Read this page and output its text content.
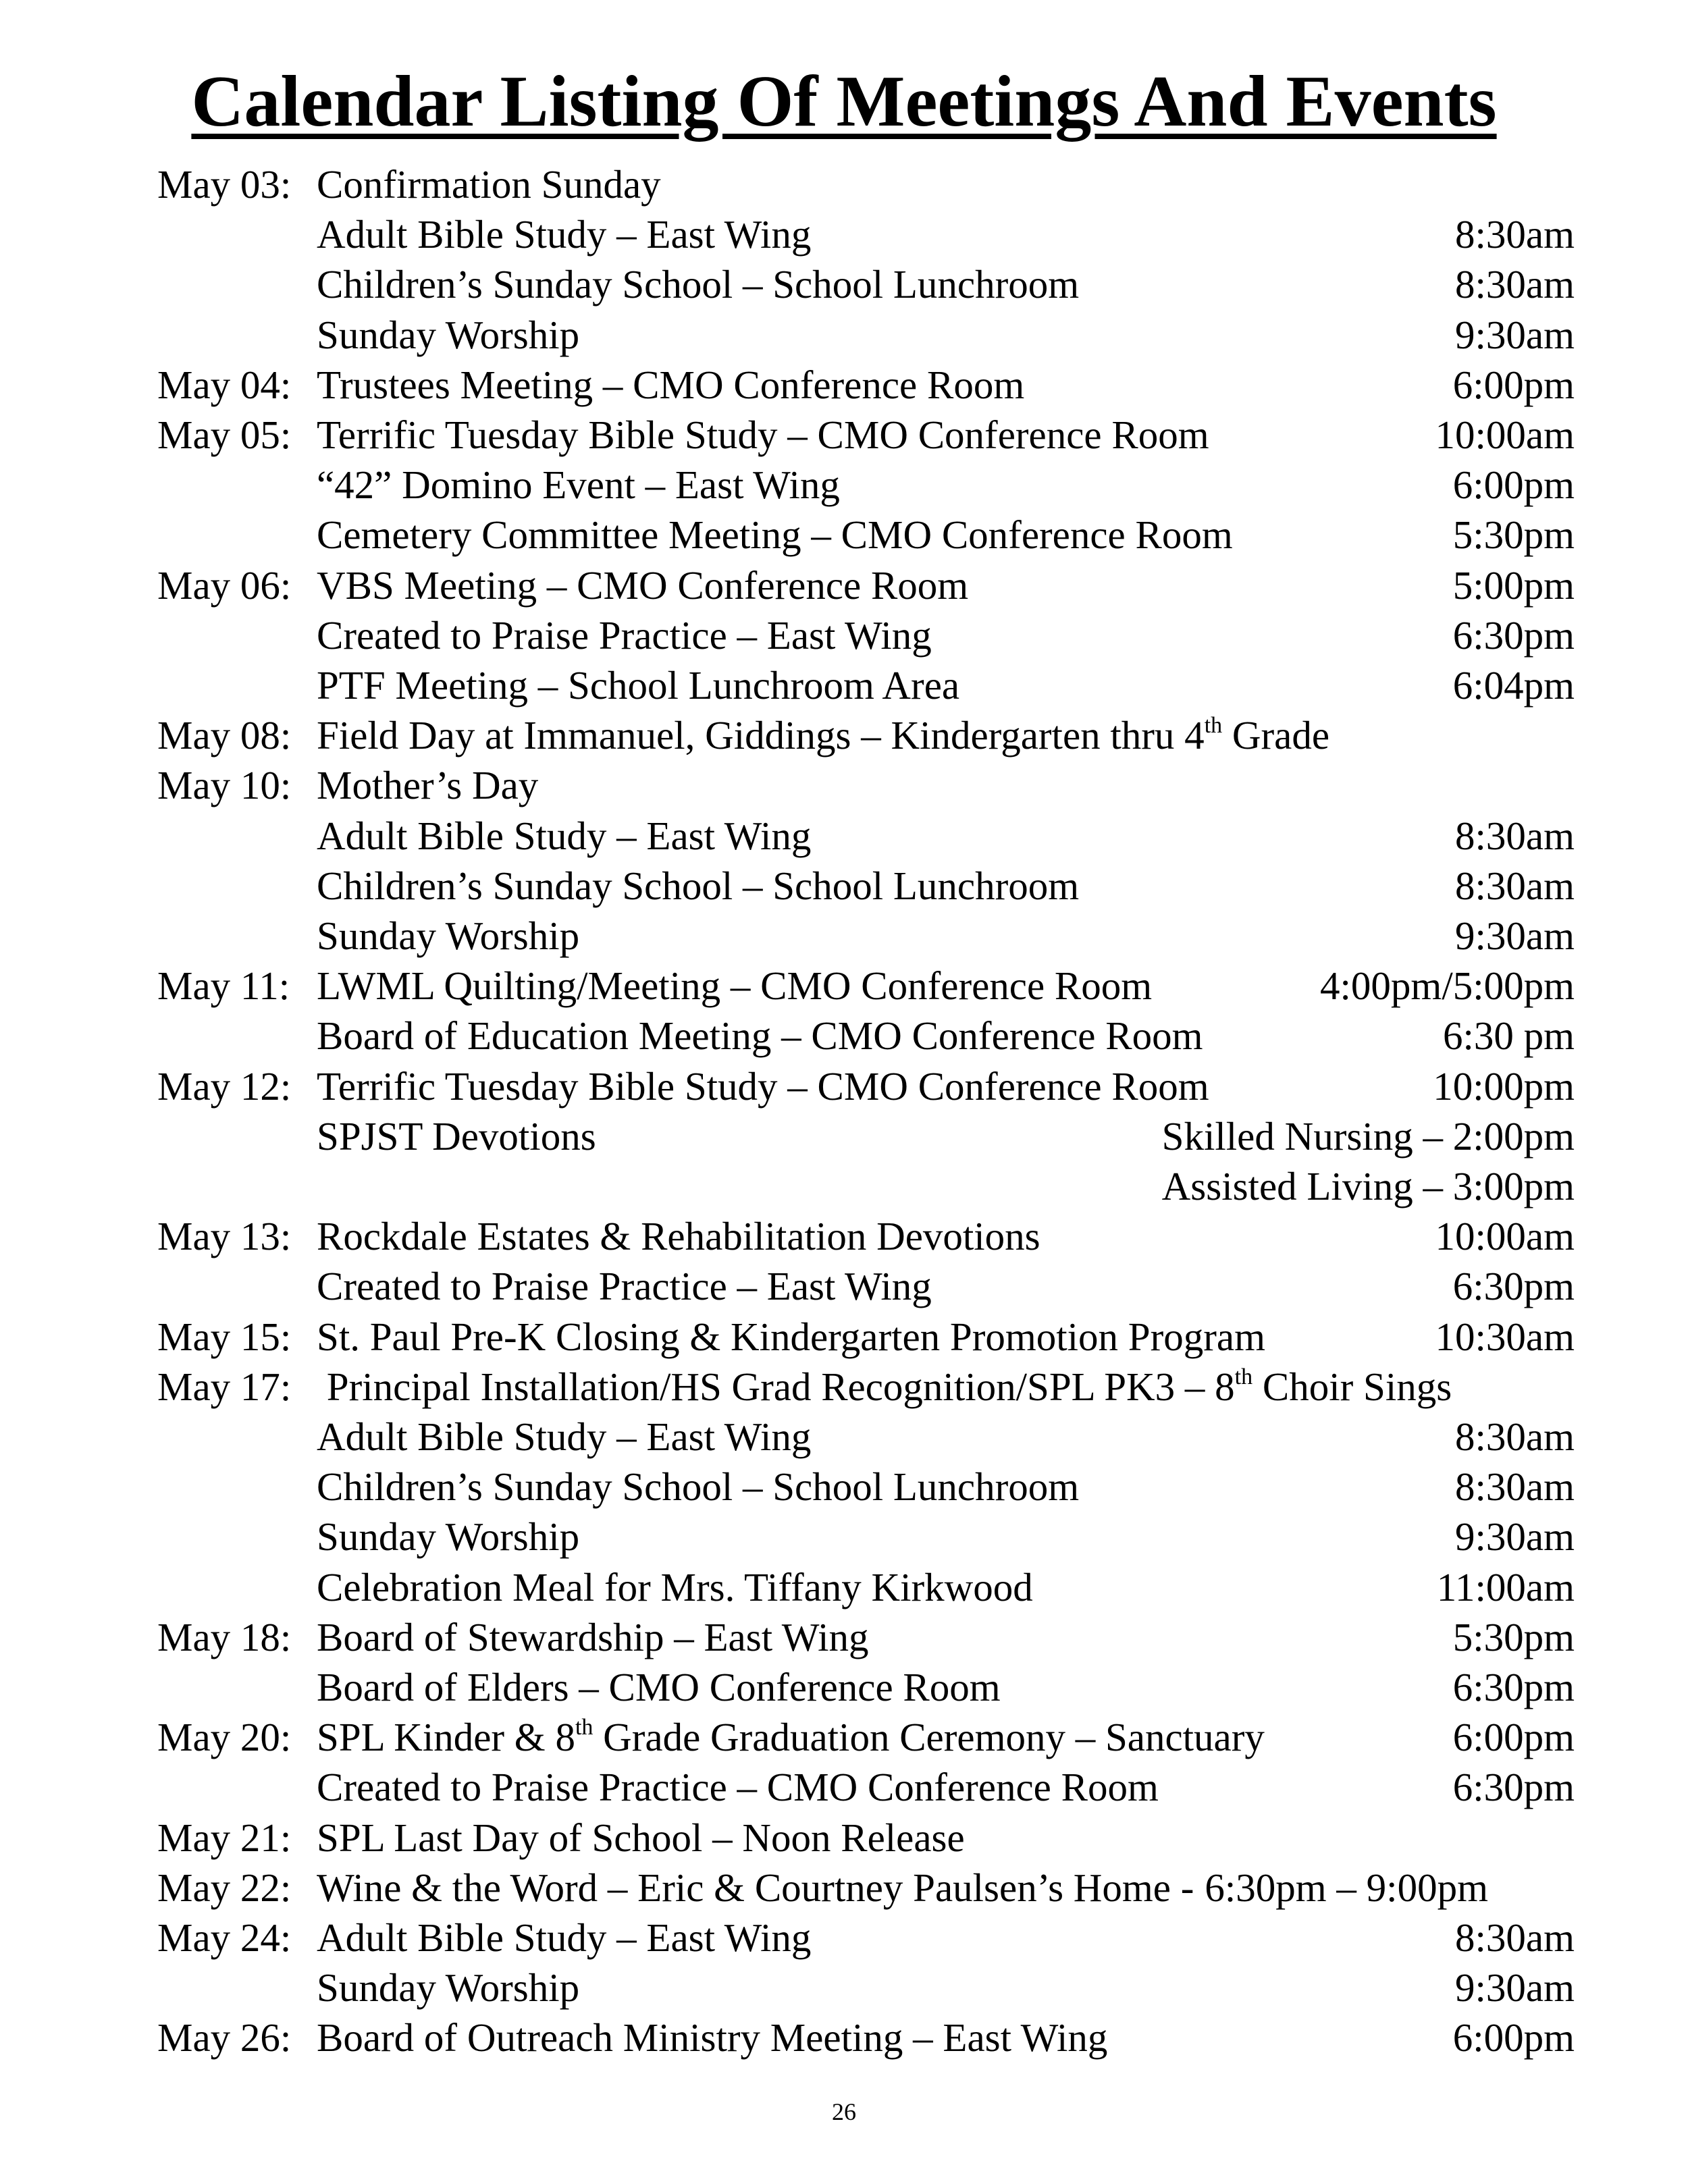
Calendar Listing Of Meetings And Events
May 03: Confirmation Sunday
Adult Bible Study – East Wing	8:30am
Children’s Sunday School – School Lunchroom	8:30am
Sunday Worship	9:30am
May 04: Trustees Meeting – CMO Conference Room	6:00pm
May 05: Terrific Tuesday Bible Study – CMO Conference Room	10:00am
“42” Domino Event – East Wing	6:00pm
Cemetery Committee Meeting – CMO Conference Room	5:30pm
May 06: VBS Meeting – CMO Conference Room	5:00pm
Created to Praise Practice – East Wing	6:30pm
PTF Meeting – School Lunchroom Area	6:04pm
May 08: Field Day at Immanuel, Giddings – Kindergarten thru 4th Grade
May 10: Mother’s Day
Adult Bible Study – East Wing	8:30am
Children’s Sunday School – School Lunchroom	8:30am
Sunday Worship	9:30am
May 11: LWML Quilting/Meeting – CMO Conference Room	4:00pm/5:00pm
Board of Education Meeting – CMO Conference Room	6:30 pm
May 12: Terrific Tuesday Bible Study – CMO Conference Room	10:00pm
SPJST Devotions	Skilled Nursing – 2:00pm
Assisted Living – 3:00pm
May 13: Rockdale Estates & Rehabilitation Devotions	10:00am
Created to Praise Practice – East Wing	6:30pm
May 15: St. Paul Pre-K Closing & Kindergarten Promotion Program	10:30am
May 17: Principal Installation/HS Grad Recognition/SPL PK3 – 8th Choir Sings
Adult Bible Study – East Wing	8:30am
Children’s Sunday School – School Lunchroom	8:30am
Sunday Worship	9:30am
Celebration Meal for Mrs. Tiffany Kirkwood	11:00am
May 18: Board of Stewardship – East Wing	5:30pm
Board of Elders – CMO Conference Room	6:30pm
May 20: SPL Kinder & 8th Grade Graduation Ceremony – Sanctuary	6:00pm
Created to Praise Practice – CMO Conference Room	6:30pm
May 21: SPL Last Day of School – Noon Release
May 22: Wine & the Word – Eric & Courtney Paulsen’s Home - 6:30pm – 9:00pm
May 24: Adult Bible Study – East Wing	8:30am
Sunday Worship	9:30am
May 26: Board of Outreach Ministry Meeting – East Wing	6:00pm
26
